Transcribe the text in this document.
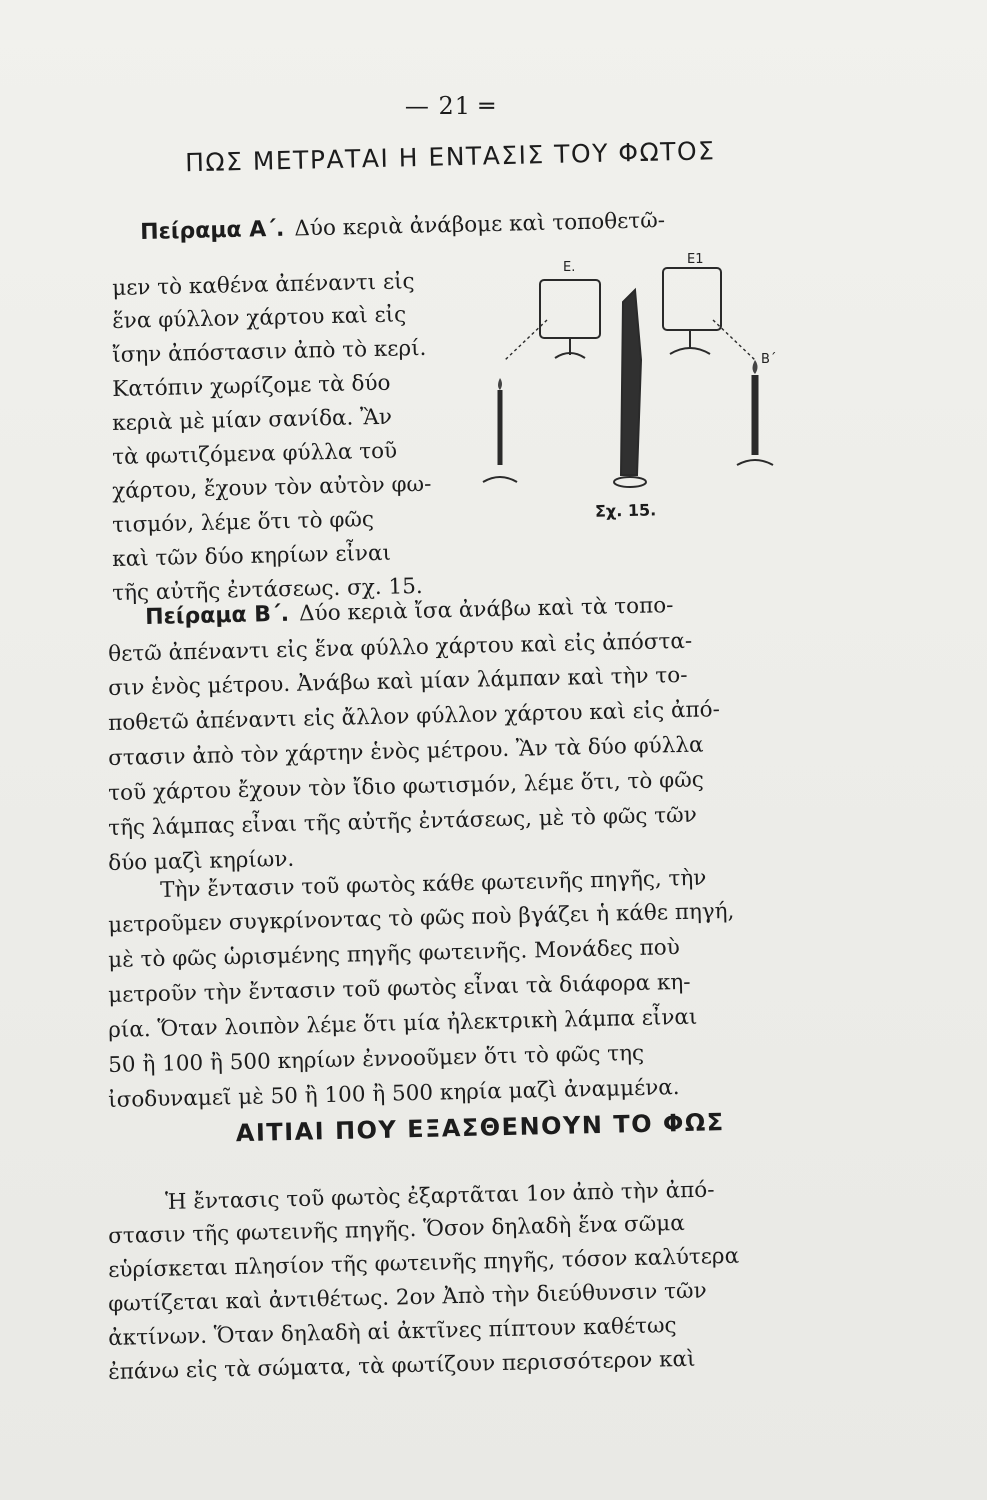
— 21 ═
ΠΩΣ ΜΕΤΡΑΤΑΙ Η ΕΝΤΑΣΙΣ ΤΟΥ ΦΩΤΟΣ
Πείραμα Α΄. Δύο κεριὰ ἀνάβομε καὶ τοποθετῶ-
μεν τὸ καθένα ἀπέναντι εἰς
ἕνα φύλλον χάρτου καὶ εἰς
ἴσην ἀπόστασιν ἀπὸ τὸ κερί.
Κατόπιν χωρίζομε τὰ δύο
κεριὰ μὲ μίαν σανίδα. Ἂν
τὰ φωτιζόμενα φύλλα τοῦ
χάρτου, ἔχουν τὸν αὐτὸν φω-
τισμόν, λέμε ὅτι τὸ φῶς
καὶ τῶν δύο κηρίων εἶναι
τῆς αὐτῆς ἐντάσεως. σχ. 15.
Ε.
Ε1
Β΄
Σχ. 15.
Πείραμα Β΄. Δύο κεριὰ ἴσα ἀνάβω καὶ τὰ τοπο-
θετῶ ἀπέναντι εἰς ἕνα φύλλο χάρτου καὶ εἰς ἀπόστα-
σιν ἑνὸς μέτρου. Ἀνάβω καὶ μίαν λάμπαν καὶ τὴν το-
ποθετῶ ἀπέναντι εἰς ἄλλον φύλλον χάρτου καὶ εἰς ἀπό-
στασιν ἀπὸ τὸν χάρτην ἑνὸς μέτρου. Ἂν τὰ δύο φύλλα
τοῦ χάρτου ἔχουν τὸν ἴδιο φωτισμόν, λέμε ὅτι, τὸ φῶς
τῆς λάμπας εἶναι τῆς αὐτῆς ἐντάσεως, μὲ τὸ φῶς τῶν
δύο μαζὶ κηρίων.
Τὴν ἔντασιν τοῦ φωτὸς κάθε φωτεινῆς πηγῆς, τὴν
μετροῦμεν συγκρίνοντας τὸ φῶς ποὺ βγάζει ἡ κάθε πηγή,
μὲ τὸ φῶς ὡρισμένης πηγῆς φωτεινῆς. Μονάδες ποὺ
μετροῦν τὴν ἔντασιν τοῦ φωτὸς εἶναι τὰ διάφορα κη-
ρία. Ὅταν λοιπὸν λέμε ὅτι μία ἠλεκτρικὴ λάμπα εἶναι
50 ἢ 100 ἢ 500 κηρίων ἐννοοῦμεν ὅτι τὸ φῶς της
ἰσοδυναμεῖ μὲ 50 ἢ 100 ἢ 500 κηρία μαζὶ ἀναμμένα.
ΑΙΤΙΑΙ ΠΟΥ ΕΞΑΣΘΕΝΟΥΝ ΤΟ ΦΩΣ
Ἡ ἔντασις τοῦ φωτὸς ἐξαρτᾶται 1ον ἀπὸ τὴν ἀπό-
στασιν τῆς φωτεινῆς πηγῆς. Ὅσον δηλαδὴ ἕνα σῶμα
εὑρίσκεται πλησίον τῆς φωτεινῆς πηγῆς, τόσον καλύτερα
φωτίζεται καὶ ἀντιθέτως. 2ον Ἀπὸ τὴν διεύθυνσιν τῶν
ἀκτίνων. Ὅταν δηλαδὴ αἱ ἀκτῖνες πίπτουν καθέτως
ἐπάνω εἰς τὰ σώματα, τὰ φωτίζουν περισσότερον καὶ
